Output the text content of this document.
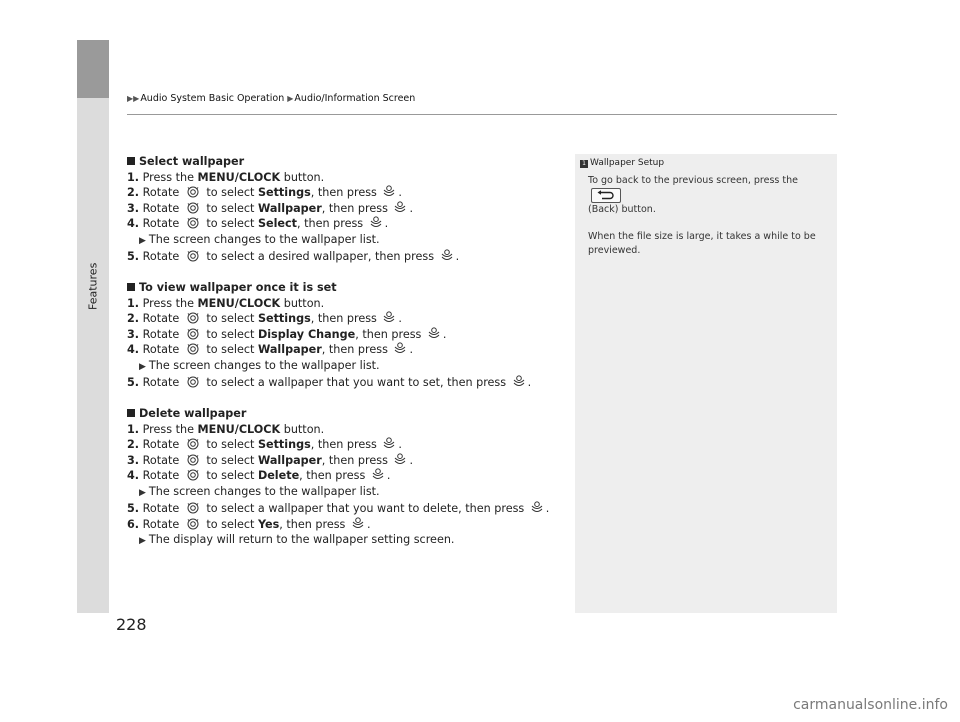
Features
▶▶Audio System Basic Operation ▶Audio/Information Screen
Select wallpaper
1. Press the MENU/CLOCK button.
2. Rotate  to select Settings, then press .
3. Rotate  to select Wallpaper, then press .
4. Rotate  to select Select, then press .
▶ The screen changes to the wallpaper list.
5. Rotate  to select a desired wallpaper, then press .
To view wallpaper once it is set
1. Press the MENU/CLOCK button.
2. Rotate  to select Settings, then press .
3. Rotate  to select Display Change, then press .
4. Rotate  to select Wallpaper, then press .
▶ The screen changes to the wallpaper list.
5. Rotate  to select a wallpaper that you want to set, then press .
Delete wallpaper
1. Press the MENU/CLOCK button.
2. Rotate  to select Settings, then press .
3. Rotate  to select Wallpaper, then press .
4. Rotate  to select Delete, then press .
▶ The screen changes to the wallpaper list.
5. Rotate  to select a wallpaper that you want to delete, then press .
6. Rotate  to select Yes, then press .
▶ The display will return to the wallpaper setting screen.
1 Wallpaper Setup

To go back to the previous screen, press the
(Back) button.

When the file size is large, it takes a while to be previewed.

228
carmanualsonline.info
